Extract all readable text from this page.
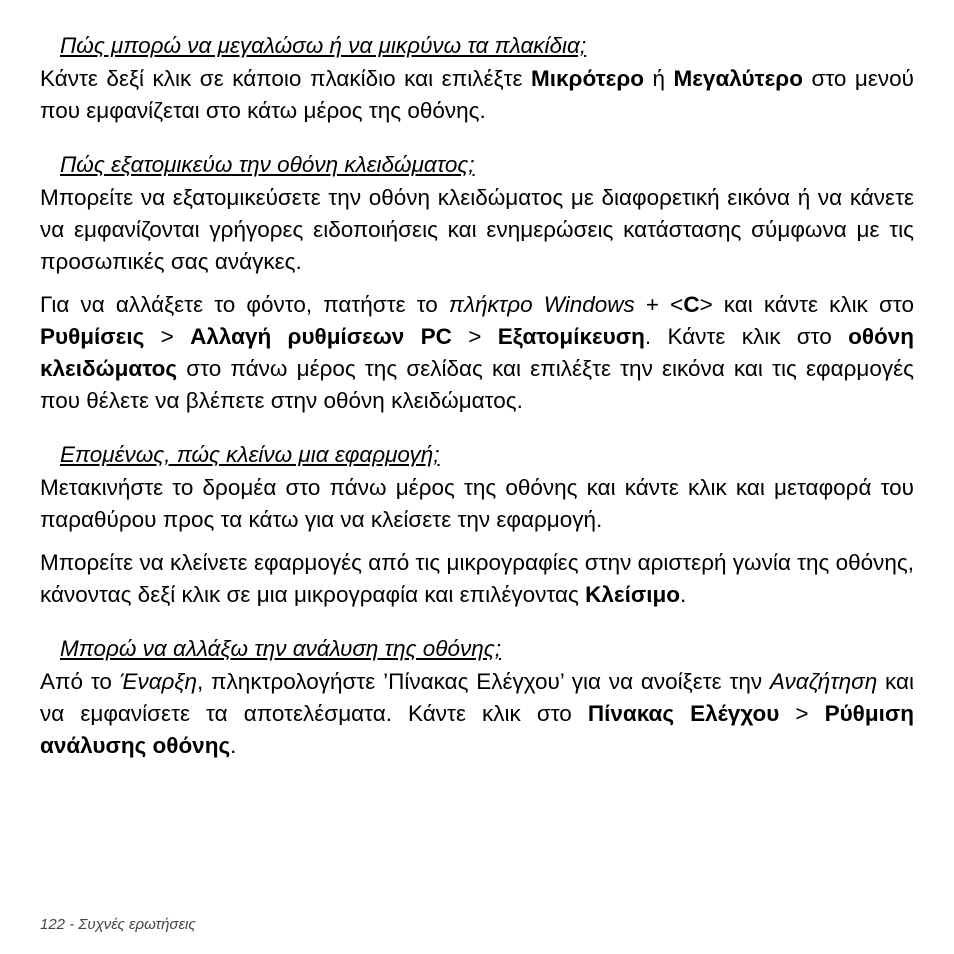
Πώς μπορώ να μεγαλώσω ή να μικρύνω τα πλακίδια;

Κάντε δεξί κλικ σε κάποιο πλακίδιο και επιλέξτε Μικρότερο ή Μεγαλύτερο στο μενού που εμφανίζεται στο κάτω μέρος της οθόνης.

Πώς εξατομικεύω την οθόνη κλειδώματος;

Μπορείτε να εξατομικεύσετε την οθόνη κλειδώματος με διαφορετική εικόνα ή να κάνετε να εμφανίζονται γρήγορες ειδοποιήσεις και ενημερώσεις κατάστασης σύμφωνα με τις προσωπικές σας ανάγκες.

Για να αλλάξετε το φόντο, πατήστε το πλήκτρο Windows + <C> και κάντε κλικ στο Ρυθμίσεις > Αλλαγή ρυθμίσεων PC > Εξατομίκευση. Κάντε κλικ στο οθόνη κλειδώματος στο πάνω μέρος της σελίδας και επιλέξτε την εικόνα και τις εφαρμογές που θέλετε να βλέπετε στην οθόνη κλειδώματος.

Επομένως, πώς κλείνω μια εφαρμογή;

Μετακινήστε το δρομέα στο πάνω μέρος της οθόνης και κάντε κλικ και μεταφορά του παραθύρου προς τα κάτω για να κλείσετε την εφαρμογή.

Μπορείτε να κλείνετε εφαρμογές από τις μικρογραφίες στην αριστερή γωνία της οθόνης, κάνοντας δεξί κλικ σε μια μικρογραφία και επιλέγοντας Κλείσιμο.

Μπορώ να αλλάξω την ανάλυση της οθόνης;

Από το Έναρξη, πληκτρολογήστε ’Πίνακας Ελέγχου’ για να ανοίξετε την Αναζήτηση και να εμφανίσετε τα αποτελέσματα. Κάντε κλικ στο Πίνακας Ελέγχου > Ρύθμιση ανάλυσης οθόνης.

122 - Συχνές ερωτήσεις
